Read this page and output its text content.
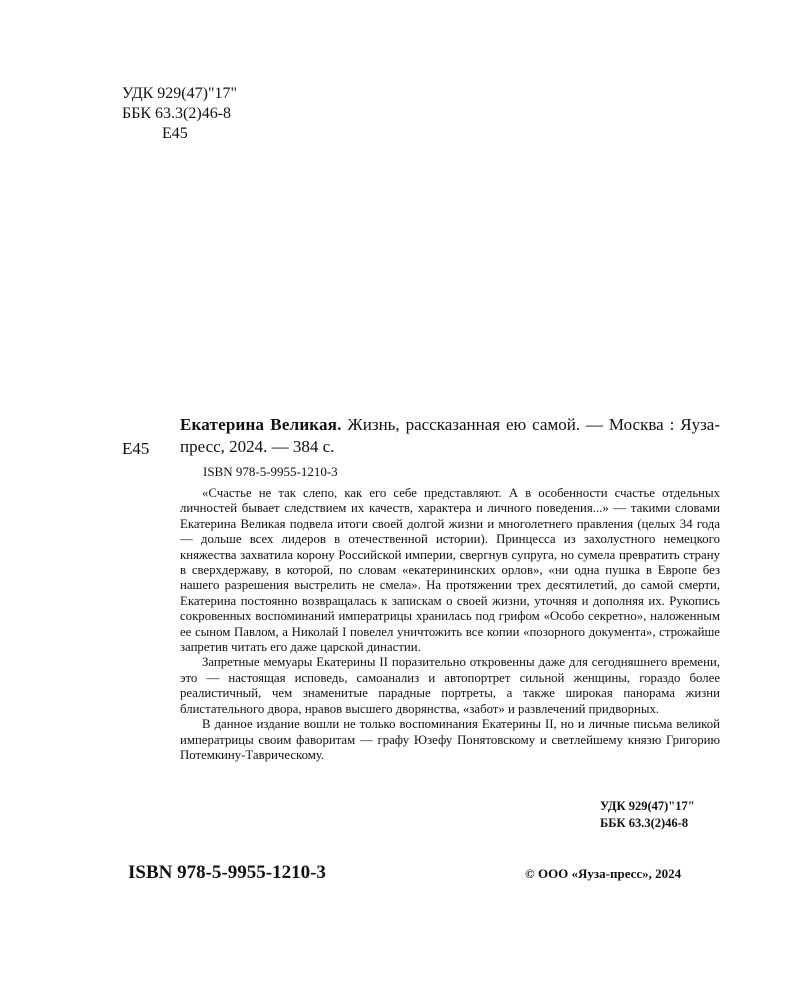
УДК 929(47)"17"
ББК 63.3(2)46-8
Е45
Е45
Екатерина Великая. Жизнь, рассказанная ею самой. — Москва : Яуза-пресс, 2024. — 384 с.
ISBN 978-5-9955-1210-3

«Счастье не так слепо, как его себе представляют. А в особенности счастье отдельных личностей бывает следствием их качеств, характера и личного поведения...» — такими словами Екатерина Великая подвела итоги своей долгой жизни и многолетнего правления (целых 34 года — дольше всех лидеров в отечественной истории). Принцесса из захолустного немецкого княжества захватила корону Российской империи, свергнув супруга, но сумела превратить страну в сверхдержаву, в которой, по словам «екатерининских орлов», «ни одна пушка в Европе без нашего разрешения выстрелить не смела». На протяжении трех десятилетий, до самой смерти, Екатерина постоянно возвращалась к запискам о своей жизни, уточняя и дополняя их. Рукопись сокровенных воспоминаний императрицы хранилась под грифом «Особо секретно», наложенным ее сыном Павлом, а Николай I повелел уничтожить все копии «позорного документа», строжайше запретив читать его даже царской династии.

Запретные мемуары Екатерины II поразительно откровенны даже для сегодняшнего времени, это — настоящая исповедь, самоанализ и автопортрет сильной женщины, гораздо более реалистичный, чем знаменитые парадные портреты, а также широкая панорама жизни блистательного двора, нравов высшего дворянства, «забот» и развлечений придворных.

В данное издание вошли не только воспоминания Екатерины II, но и личные письма великой императрицы своим фаворитам — графу Юзефу Понятовскому и светлейшему князю Григорию Потемкину-Таврическому.

УДК 929(47)"17"
ББК 63.3(2)46-8
ISBN 978-5-9955-1210-3	© ООО «Яуза-пресс», 2024
